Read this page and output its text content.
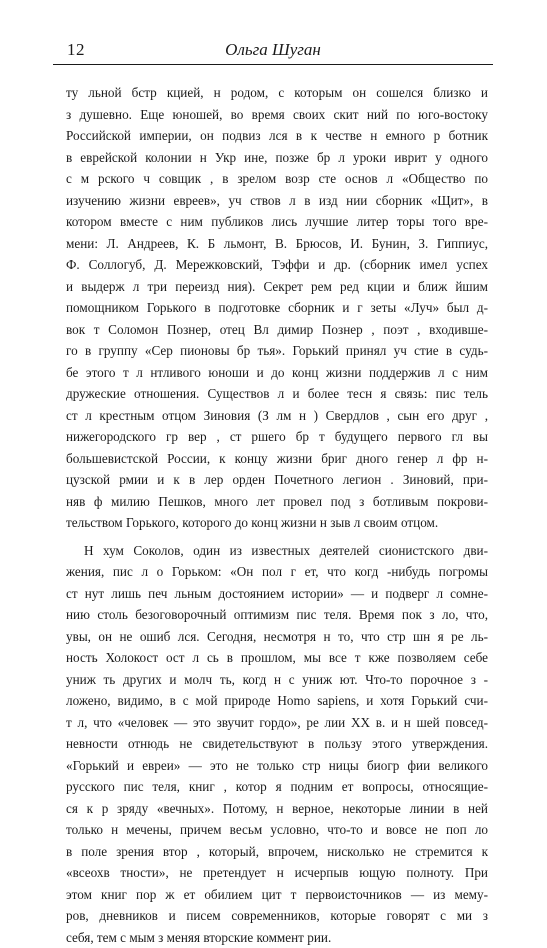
12	Ольга Шуган
ту льной бстр кцией, н родом, с которым он сошелся близко и
з душевно. Еще юношей, во время своих скит ний по юго-востоку
Российской империи, он подвиз лся в к честве н емного р ботник
в еврейской колонии н Укр ине, позже бр л уроки иврит у одного
с м рского ч совщик , в зрелом возр сте основ л «Общество по
изучению жизни евреев», уч ствов л в изд нии сборник «Щит», в
котором вместе с ним публиков лись лучшие литер торы того вре-
мени: Л. Андреев, К. Б льмонт, В. Брюсов, И. Бунин, З. Гиппиус,
Ф. Соллогуб, Д. Мережковский, Тэффи и др. (сборник имел успех
и выдерж л три переизд ния). Секрет рем ред кции и ближ йшим
помощником Горького в подготовке сборник и г зеты «Луч» был д-
вок т Соломон Познер, отец Вл димир Познер , поэт , входивше-
го в группу «Сер пионовы бр тья». Горький принял уч стие в судь-
бе этого т л нтливого юноши и до конц жизни поддержив л с ним
дружеские отношения. Существов л и более тесн я связь: пис тель
ст л крестным отцом Зиновия (З лм н ) Свердлов , сын его друг ,
нижегородского гр вер , ст ршего бр т будущего первого гл вы
большевистской России, к концу жизни бриг дного генер л фр н-
цузской рмии и к в лер орден Почетного легион . Зиновий, при-
няв ф милию Пешков, много лет провел под з ботливым покрови-
тельством Горького, которого до конц жизни н зыв л своим отцом.
Н хум Соколов, один из известных деятелей сионистского дви-
жения, пис л о Горьком: «Он пол г ет, что когд -нибудь погромы
ст нут лишь печ льным достоянием истории» — и подверг л сомне-
нию столь безоговорочный оптимизм пис теля. Время пок з ло, что,
увы, он не ошиб лся. Сегодня, несмотря н то, что стр шн я ре ль-
ность Холокост ост л сь в прошлом, мы все т кже позволяем себе
униж ть других и молч ть, когд н с униж ют. Что-то порочное з -
ложено, видимо, в с мой природе Homo sapiens, и хотя Горький счи-
т л, что «человек — это звучит гордо», ре лии XX в. и н шей повсед-
невности отнюдь не свидетельствуют в пользу этого утверждения.
«Горький и евреи» — это не только стр ницы биогр фии великого
русского пис теля, книг , котор я подним ет вопросы, относящие-
ся к р зряду «вечных». Потому, н верное, некоторые линии в ней
только н мечены, причем весьм условно, что-то и вовсе не поп ло
в поле зрения втор , который, впрочем, нисколько не стремится к
«всеохв тности», не претендует н исчерпыв ющую полноту. При
этом книг пор ж ет обилием цит т первоисточников — из мему-
ров, дневников и писем современников, которые говорят с ми з
себя, тем с мым з меняя вторские коммент рии.
